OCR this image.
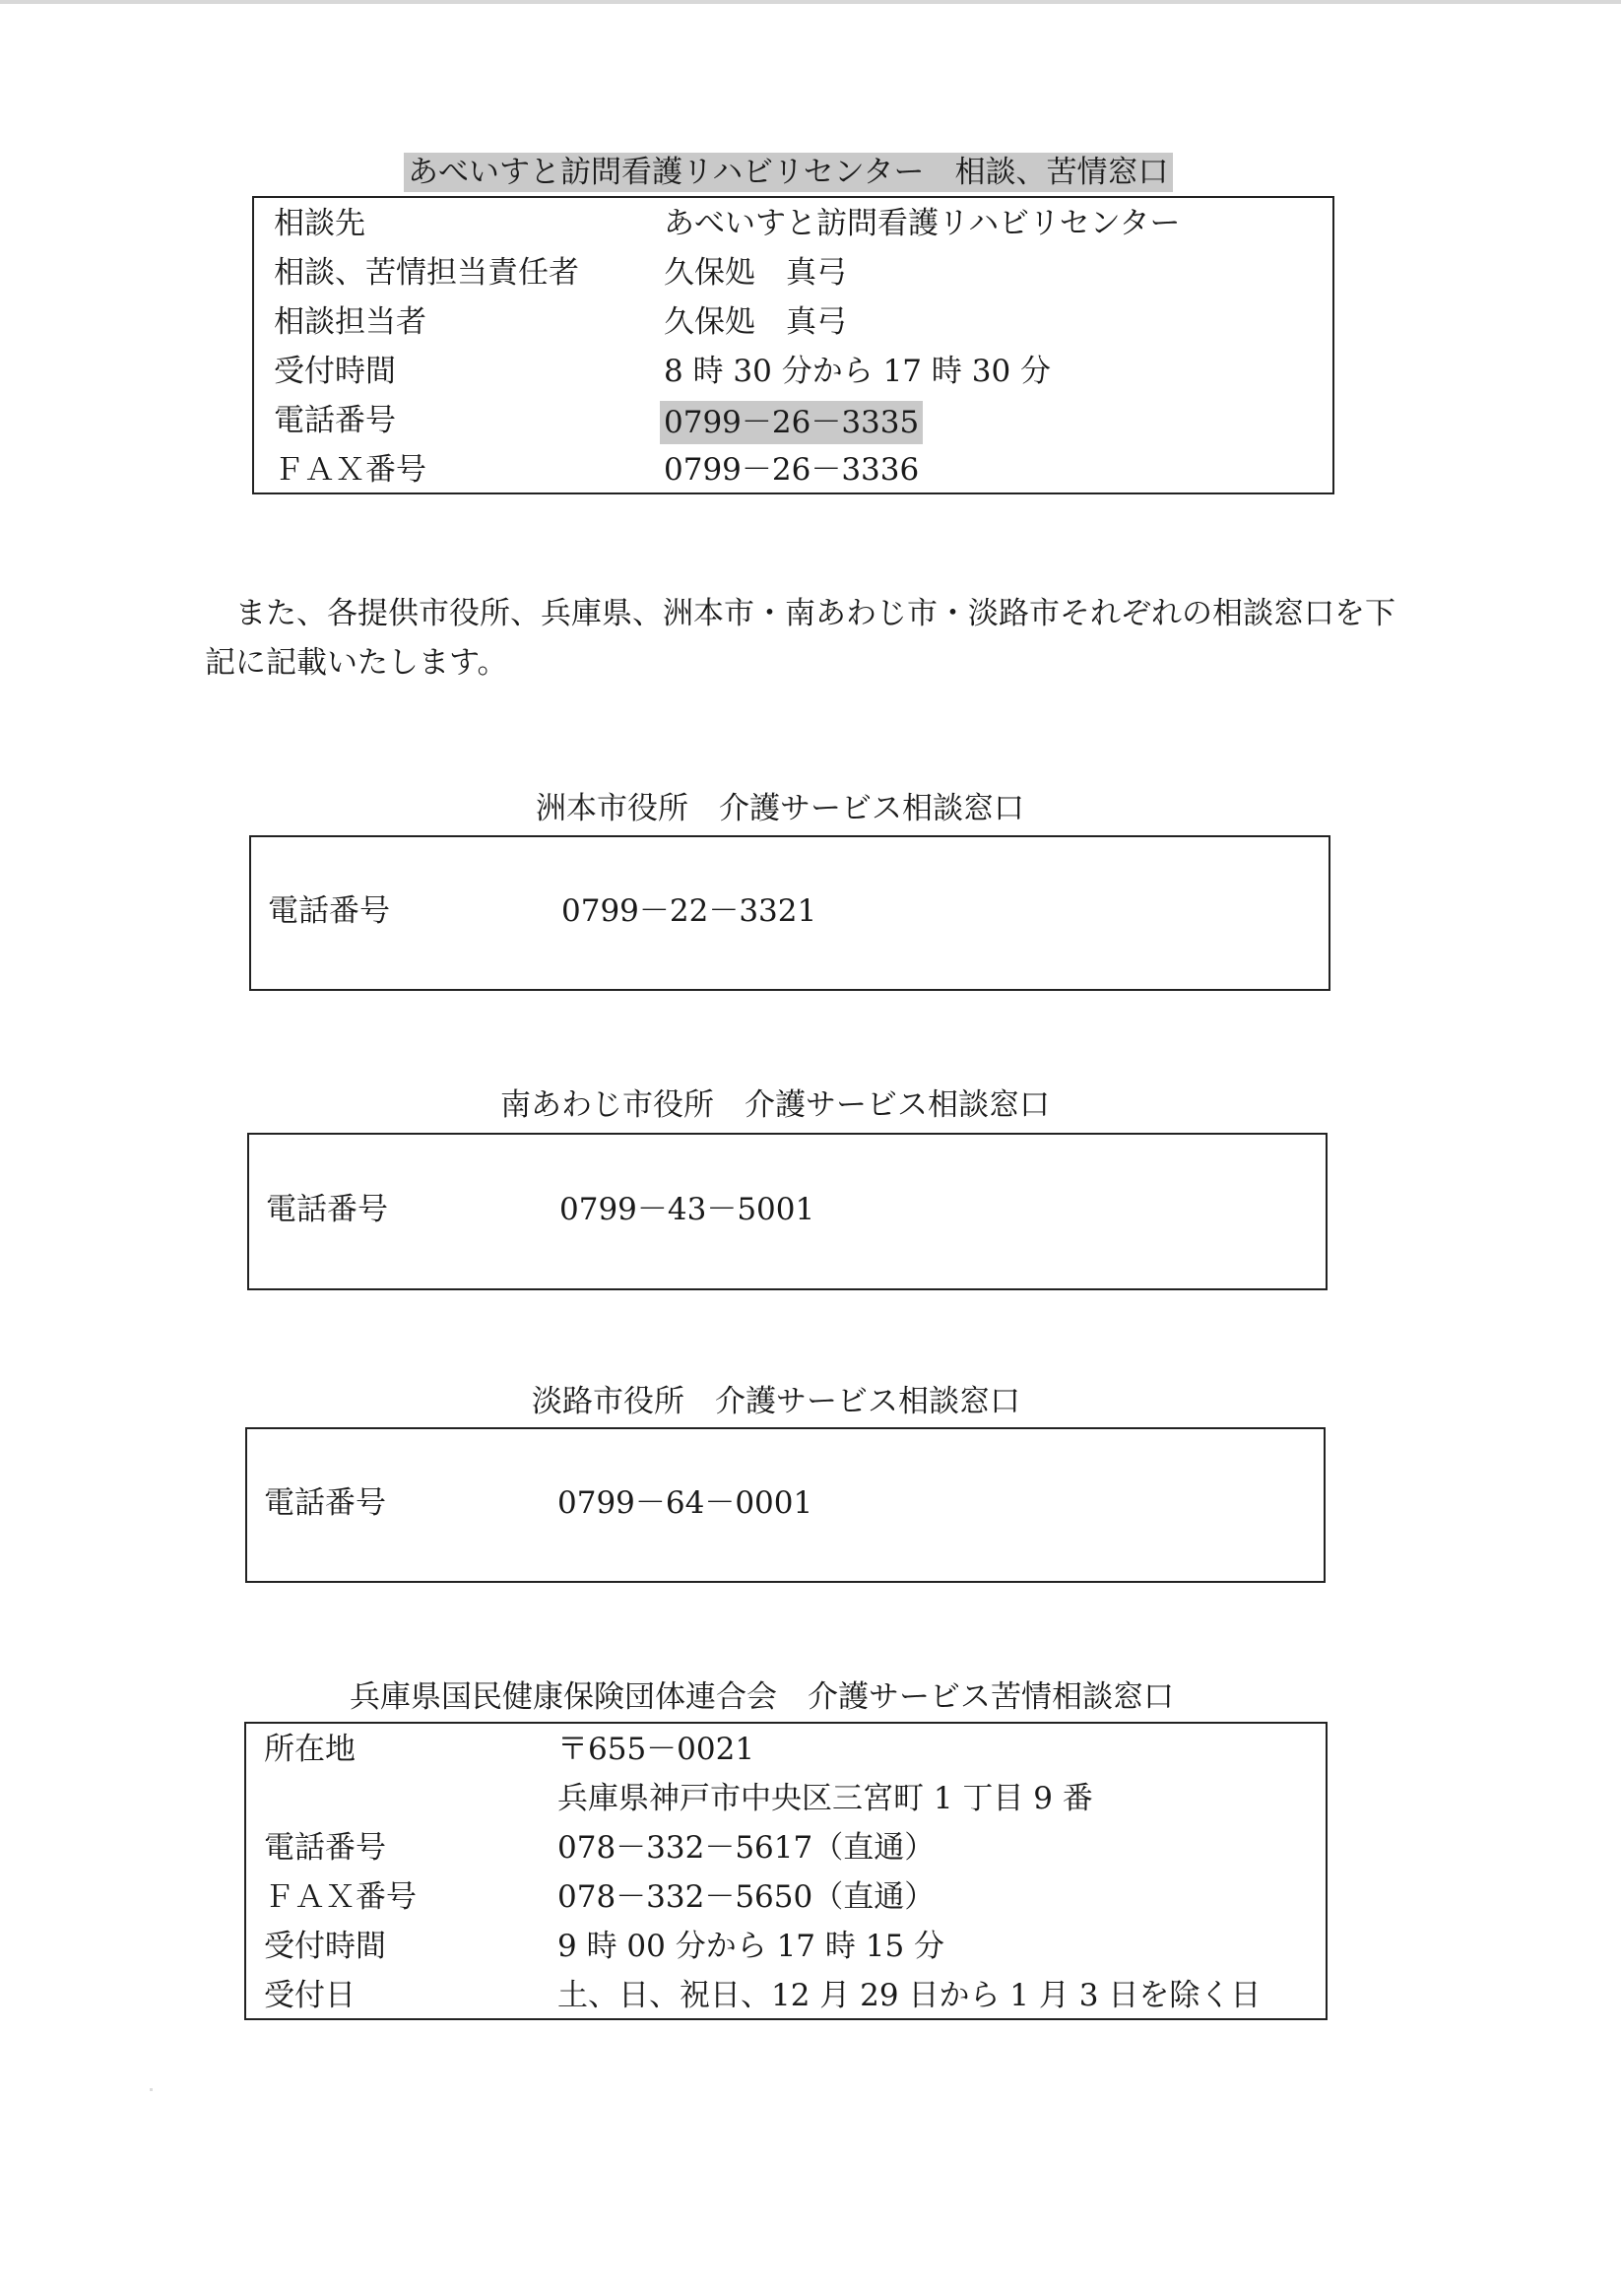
あべいすと訪問看護リハビリセンター　相談、苦情窓口
相談先	あべいすと訪問看護リハビリセンター
相談、苦情担当責任者	久保処　真弓
相談担当者	久保処　真弓
受付時間	8 時 30 分から 17 時 30 分
電話番号	0799－26－3335
ＦＡＸ番号	0799－26－3336
また、各提供市役所、兵庫県、洲本市・南あわじ市・淡路市それぞれの相談窓口を下記に記載いたします。
洲本市役所　介護サービス相談窓口
電話番号	0799－22－3321
南あわじ市役所　介護サービス相談窓口
電話番号	0799－43－5001
淡路市役所　介護サービス相談窓口
電話番号	0799－64－0001
兵庫県国民健康保険団体連合会　介護サービス苦情相談窓口
所在地	〒655－0021
兵庫県神戸市中央区三宮町 1 丁目 9 番
電話番号	078－332－5617（直通）
ＦＡＸ番号	078－332－5650（直通）
受付時間	9 時 00 分から 17 時 15 分
受付日	土、日、祝日、12 月 29 日から 1 月 3 日を除く日
